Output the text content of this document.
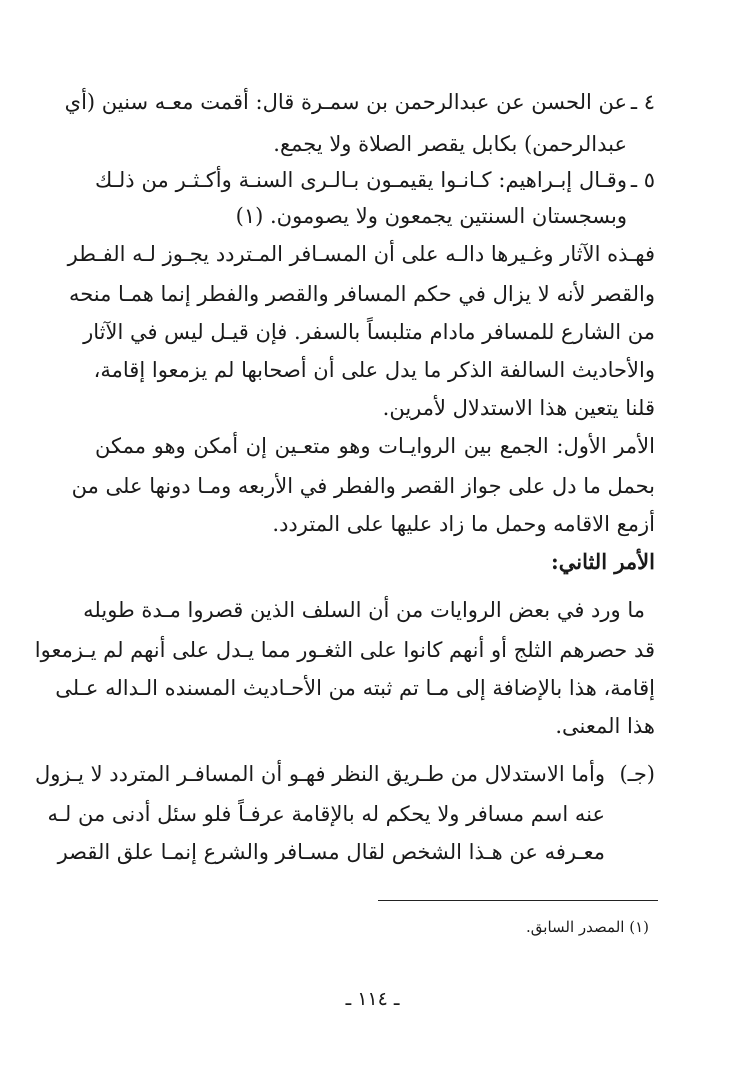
٤ ـ
عن الحسن عن عبدالرحمن بن سمـرة قال: أقمت معـه سنين (أي
عبدالرحمن) بكابل يقصر الصلاة ولا يجمع.
٥ ـ
وقـال إبـراهيم: كـانـوا يقيمـون بـالـرى السنـة وأكـثـر من ذلـك
وبسجستان السنتين يجمعون ولا يصومون. (١)
فهـذه الآثار وغـيرها دالـه على أن المسـافر المـتردد يجـوز لـه الفـطر
والقصر لأنه لا يزال في حكم المسافر والقصر والفطر إنما همـا منحه
من الشارع للمسافر مادام متلبساً بالسفر. فإن قيـل ليس في الآثار
والأحاديث السالفة الذكر ما يدل على أن أصحابها لم يزمعوا إقامة،
قلنا يتعين هذا الاستدلال لأمرين.
الأمر الأول: الجمع بين الروايـات وهو متعـين إن أمكن وهو ممكن
بحمل ما دل على جواز القصر والفطر في الأربعه ومـا دونها على من
أزمع الاقامه وحمل ما زاد عليها على المتردد.
الأمر الثاني:
ما ورد في بعض الروايات من أن السلف الذين قصروا مـدة طويله
قد حصرهم الثلج أو أنهم كانوا على الثغـور مما يـدل على أنهم لم يـزمعوا
إقامة، هذا بالإضافة إلى مـا تم ثبته من الأحـاديث المسنده الـداله عـلى
هذا المعنى.
(جـ)
وأما الاستدلال من طـريق النظر فهـو أن المسافـر المتردد لا يـزول
عنه اسم مسافر ولا يحكم له بالإقامة عرفـاً فلو سئل أدنى من لـه
معـرفه عن هـذا الشخص لقال مسـافر والشرع إنمـا علق القصر
(١) المصدر السابق.
ـ ١١٤ ـ
